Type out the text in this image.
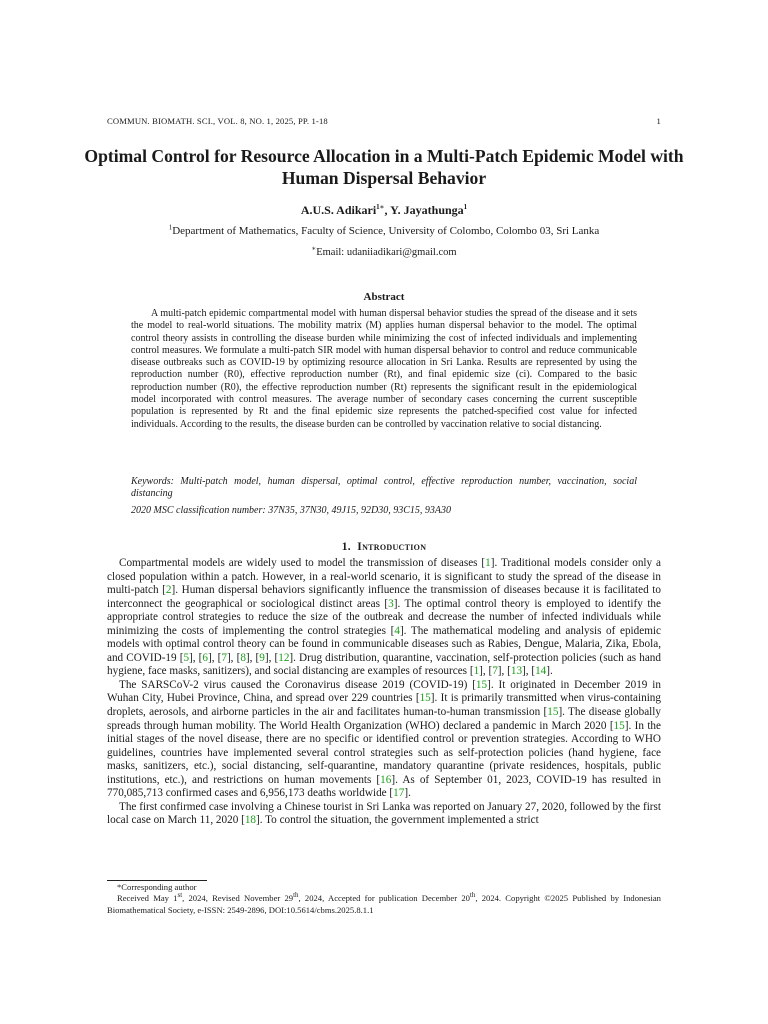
COMMUN. BIOMATH. SCI., VOL. 8, NO. 1, 2025, PP. 1-18	1
Optimal Control for Resource Allocation in a Multi-Patch Epidemic Model with Human Dispersal Behavior
A.U.S. Adikari$^{1∗}$, Y. Jayathunga$^1$
$^1$Department of Mathematics, Faculty of Science, University of Colombo, Colombo 03, Sri Lanka
∗Email: udaniiadikari@gmail.com
Abstract
A multi-patch epidemic compartmental model with human dispersal behavior studies the spread of the disease and it sets the model to real-world situations. The mobility matrix (M) applies human dispersal behavior to the model. The optimal control theory assists in controlling the disease burden while minimizing the cost of infected individuals and implementing control measures. We formulate a multi-patch SIR model with human dispersal behavior to control and reduce communicable disease outbreaks such as COVID-19 by optimizing resource allocation in Sri Lanka. Results are represented by using the reproduction number (R0), effective reproduction number (Rt), and final epidemic size (ci). Compared to the basic reproduction number (R0), the effective reproduction number (Rt) represents the significant result in the epidemiological model incorporated with control measures. The average number of secondary cases concerning the current susceptible population is represented by Rt and the final epidemic size represents the patched-specified cost value for infected individuals. According to the results, the disease burden can be controlled by vaccination relative to social distancing.
Keywords: Multi-patch model, human dispersal, optimal control, effective reproduction number, vaccination, social distancing
2020 MSC classification number: 37N35, 37N30, 49J15, 92D30, 93C15, 93A30
1. Introduction

Compartmental models are widely used to model the transmission of diseases [1]. Traditional models consider only a closed population within a patch. However, in a real-world scenario, it is significant to study the spread of the disease in multi-patch [2]. Human dispersal behaviors significantly influence the transmission of diseases because it is facilitated to interconnect the geographical or sociological distinct areas [3]. The optimal control theory is employed to identify the appropriate control strategies to reduce the size of the outbreak and decrease the number of infected individuals while minimizing the costs of implementing the control strategies [4]. The mathematical modeling and analysis of epidemic models with optimal control theory can be found in communicable diseases such as Rabies, Dengue, Malaria, Zika, Ebola, and COVID-19 [5], [6], [7], [8], [9], [12]. Drug distribution, quarantine, vaccination, self-protection policies (such as hand hygiene, face masks, sanitizers), and social distancing are examples of resources [1], [7], [13], [14].

The SARSCoV-2 virus caused the Coronavirus disease 2019 (COVID-19) [15]. It originated in December 2019 in Wuhan City, Hubei Province, China, and spread over 229 countries [15]. It is primarily transmitted when virus-containing droplets, aerosols, and airborne particles in the air and facilitates human-to-human transmission [15]. The disease globally spreads through human mobility. The World Health Organization (WHO) declared a pandemic in March 2020 [15]. In the initial stages of the novel disease, there are no specific or identified control or prevention strategies. According to WHO guidelines, countries have implemented several control strategies such as self-protection policies (hand hygiene, face masks, sanitizers, etc.), social distancing, self-quarantine, mandatory quarantine (private residences, hospitals, public institutions, etc.), and restrictions on human movements [16]. As of September 01, 2023, COVID-19 has resulted in 770,085,713 confirmed cases and 6,956,173 deaths worldwide [17].

The first confirmed case involving a Chinese tourist in Sri Lanka was reported on January 27, 2020, followed by the first local case on March 11, 2020 [18]. To control the situation, the government implemented a strict

*Corresponding author
Received May 1st, 2024, Revised November 29th, 2024, Accepted for publication December 20th, 2024. Copyright ©2025 Published by Indonesian Biomathematical Society, e-ISSN: 2549-2896, DOI:10.5614/cbms.2025.8.1.1
